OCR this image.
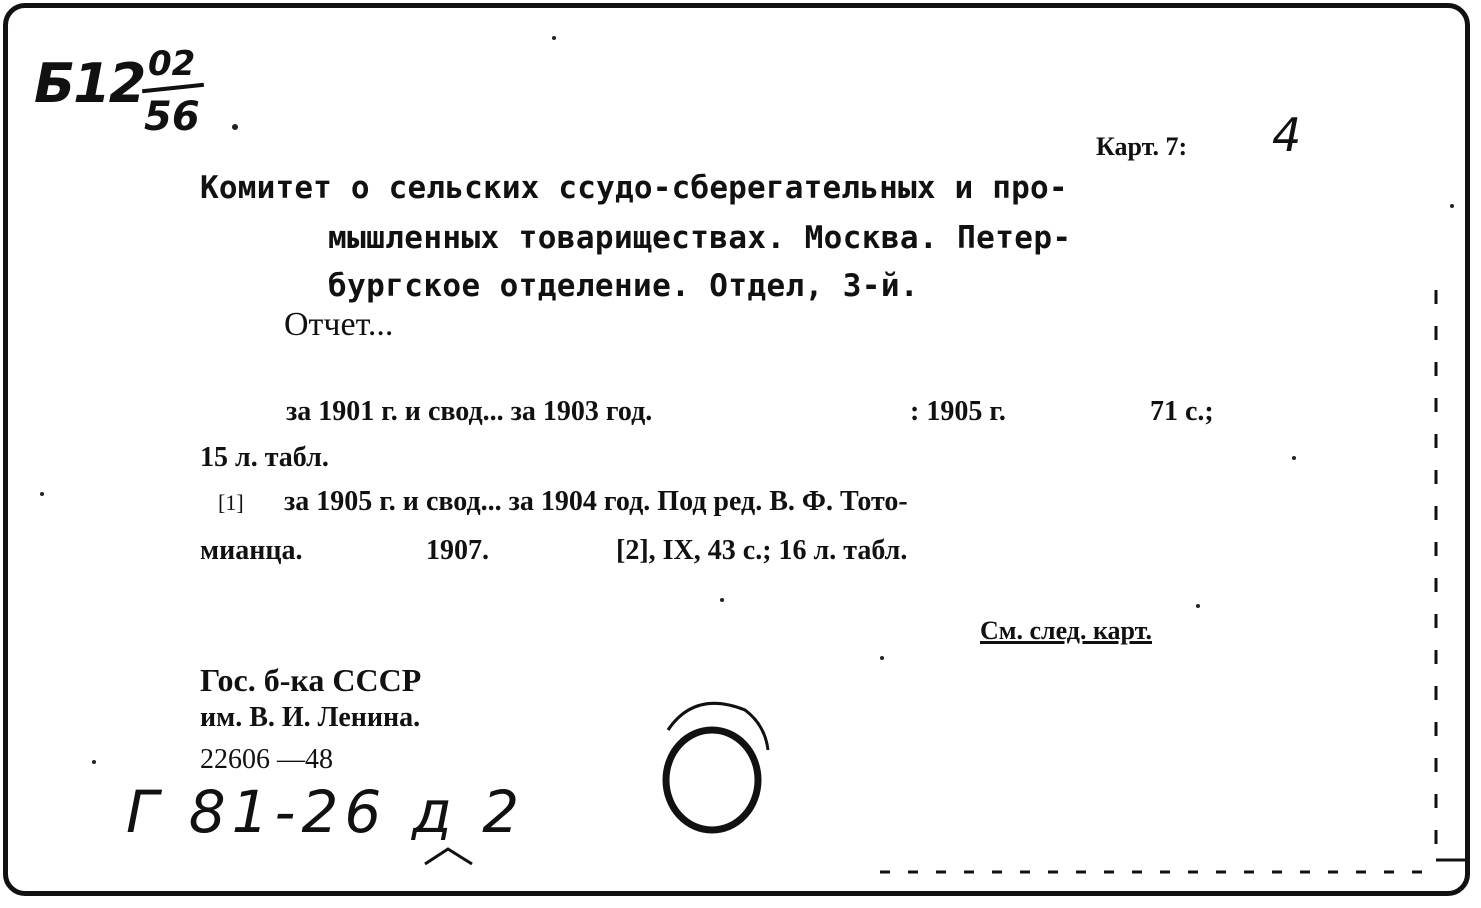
Б12 02
56
Карт. 7: 4
Комитет о сельских ссудо-сберегательных и про-
мышленных товариществах. Москва. Петер-
бургское отделение. Отдел, 3-й.
Отчет...
за 1901 г. и свод... за 1903 год.	: 1905 г.	71 с.;
15 л. табл.
[1] за 1905 г. и свод... за 1904 год. Под ред. В. Ф. Тото-
мианца.	1907.	[2], IX, 43 с.; 16 л. табл.
См. след. карт.
Гос. б-ка СССР
им. В. И. Ленина.
22606 —48
Г 81-26 д 2
